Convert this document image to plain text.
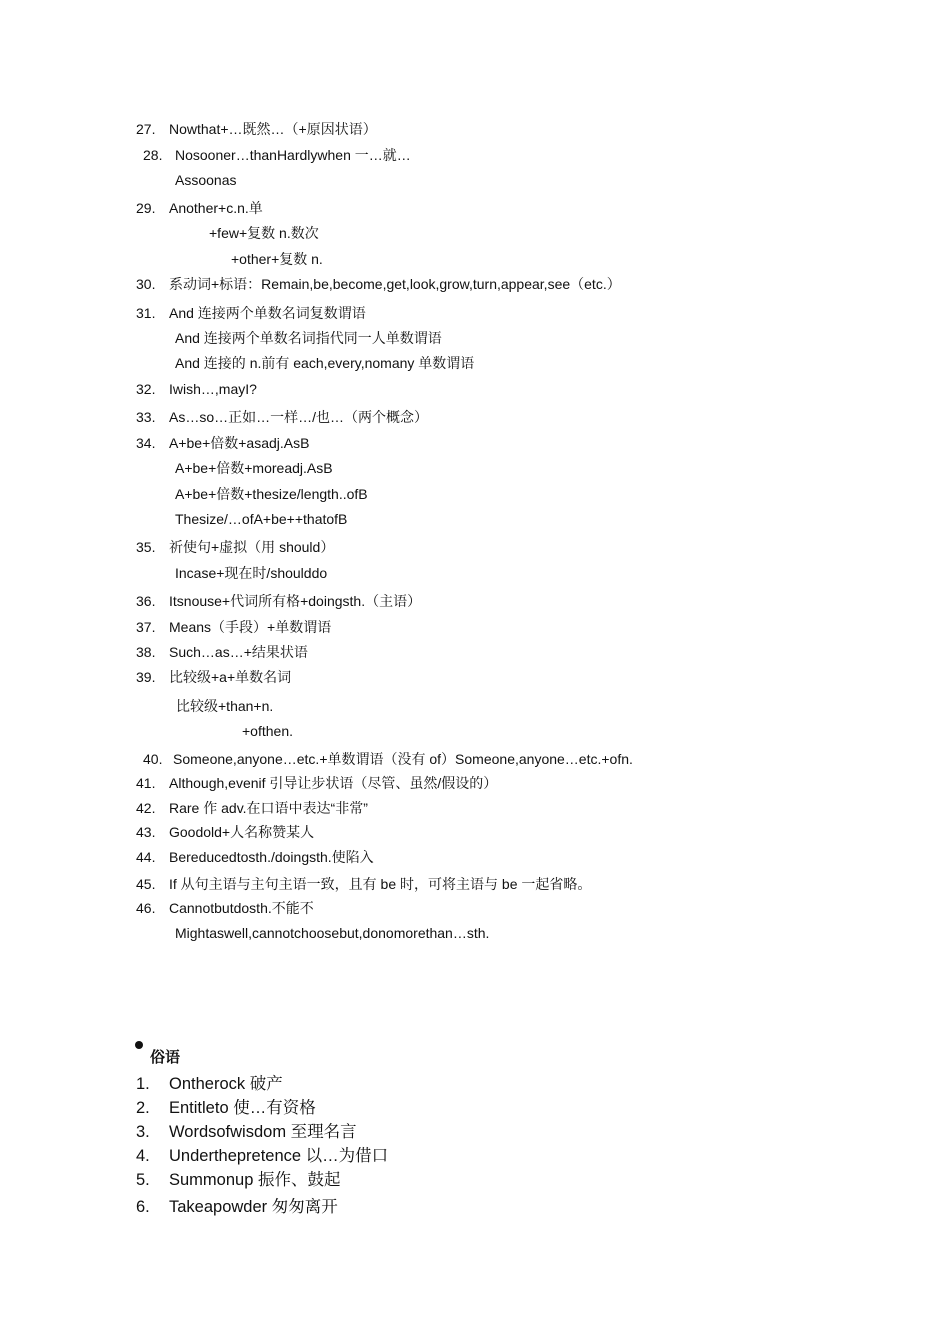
27. Nowthat+…既然…（+原因状语）
28. Nosooner…thanHardlywhen 一…就…
Assoonas
29. Another+c.n.单
+few+复数 n.数次
+other+复数 n.
30. 系动词+标语：Remain,be,become,get,look,grow,turn,appear,see（etc.）
31. And 连接两个单数名词复数谓语
And 连接两个单数名词指代同一人单数谓语
And 连接的 n.前有 each,every,nomany 单数谓语
32. Iwish…,mayI?
33. As…so…正如…一样…/也…（两个概念）
34. A+be+倍数+asadj.AsB
A+be+倍数+moreadj.AsB
A+be+倍数+thesize/length..ofB
Thesize/…ofA+be++thatofB
35. 祈使句+虚拟（用 should）
Incase+现在时/shoulddo
36. Itsnouse+代词所有格+doingsth.（主语）
37. Means（手段）+单数谓语
38. Such…as…+结果状语
39. 比较级+a+单数名词
比较级+than+n.
+ofthen.
40. Someone,anyone…etc.+单数谓语（没有 of）Someone,anyone…etc.+ofn.
41. Although,evenif 引导让步状语（尽管、虽然/假设的）
42. Rare 作 adv.在口语中表达“非常”
43. Goodold+人名称赞某人
44. Bereducedtosth./doingsth.使陷入
45. If 从句主语与主句主语一致，且有 be 时，可将主语与 be 一起省略。
46. Cannotbutdosth.不能不
Mightaswell,cannotchoosebut,donomorethan…sth.
俗语
1. Ontherock 破产
2. Entitleto 使…有资格
3. Wordsofwisdom 至理名言
4. Underthepretence 以…为借口
5. Summonup 振作、鼓起
6. Takeapowder 匆匆离开
